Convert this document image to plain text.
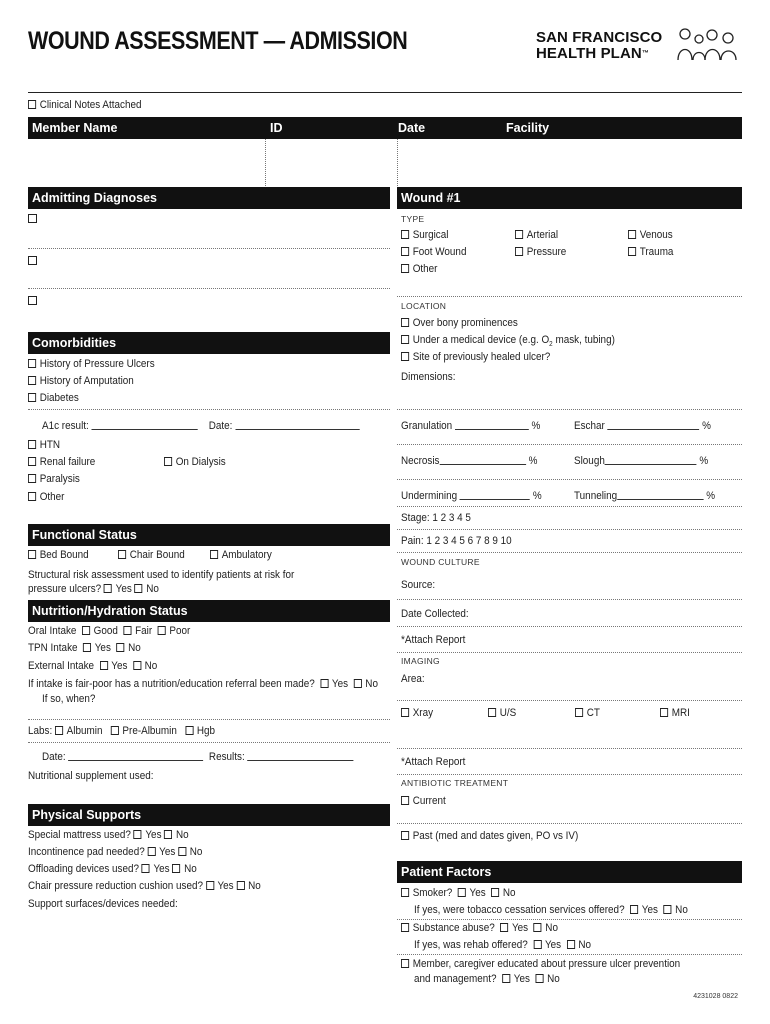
WOUND ASSESSMENT — ADMISSION	SAN FRANCISCO
HEALTH PLAN™
Clinical Notes Attached
Member Name	ID	Date	Facility
Admitting Diagnoses
Comorbidities
History of Pressure Ulcers
History of Amputation
Diabetes
A1c result:	Date:
HTN
Renal failure	On Dialysis
Paralysis
Other
Functional Status
Bed Bound	Chair Bound	Ambulatory
Structural risk assessment used to identify patients at risk for
pressure ulcers? Yes No
Nutrition/Hydration Status
Oral Intake Good Fair Poor
TPN Intake Yes No
External Intake Yes No
If intake is fair-poor has a nutrition/education referral been made? Yes No
If so, when?
Labs: Albumin Pre-Albumin Hgb
Date:	Results:
Nutritional supplement used:
Physical Supports
Special mattress used? Yes No
Incontinence pad needed? Yes No
Offloading devices used? Yes No
Chair pressure reduction cushion used? Yes No
Support surfaces/devices needed:
Wound #1
TYPE
Surgical	Arterial	Venous
Foot Wound	Pressure	Trauma
Other
LOCATION
Over bony prominences
Under a medical device (e.g. $O_2$ mask, tubing)
Site of previously healed ulcer?
Dimensions:
Granulation	%	Eschar	%
Necrosis	%	Slough	%
Undermining	%	Tunneling	%
Stage: 1 2 3 4 5
Pain: 1 2 3 4 5 6 7 8 9 10
WOUND CULTURE
Source:
Date Collected:
*Attach Report
IMAGING
Area:
Xray	U/S	CT	MRI
*Attach Report
ANTIBIOTIC TREATMENT
Current
Past (med and dates given, PO vs IV)
Patient Factors
Smoker? Yes No
If yes, were tobacco cessation services offered? Yes No
Substance abuse? Yes No
If yes, was rehab offered? Yes No
Member, caregiver educated about pressure ulcer prevention
and management? Yes No
4231028 0822
